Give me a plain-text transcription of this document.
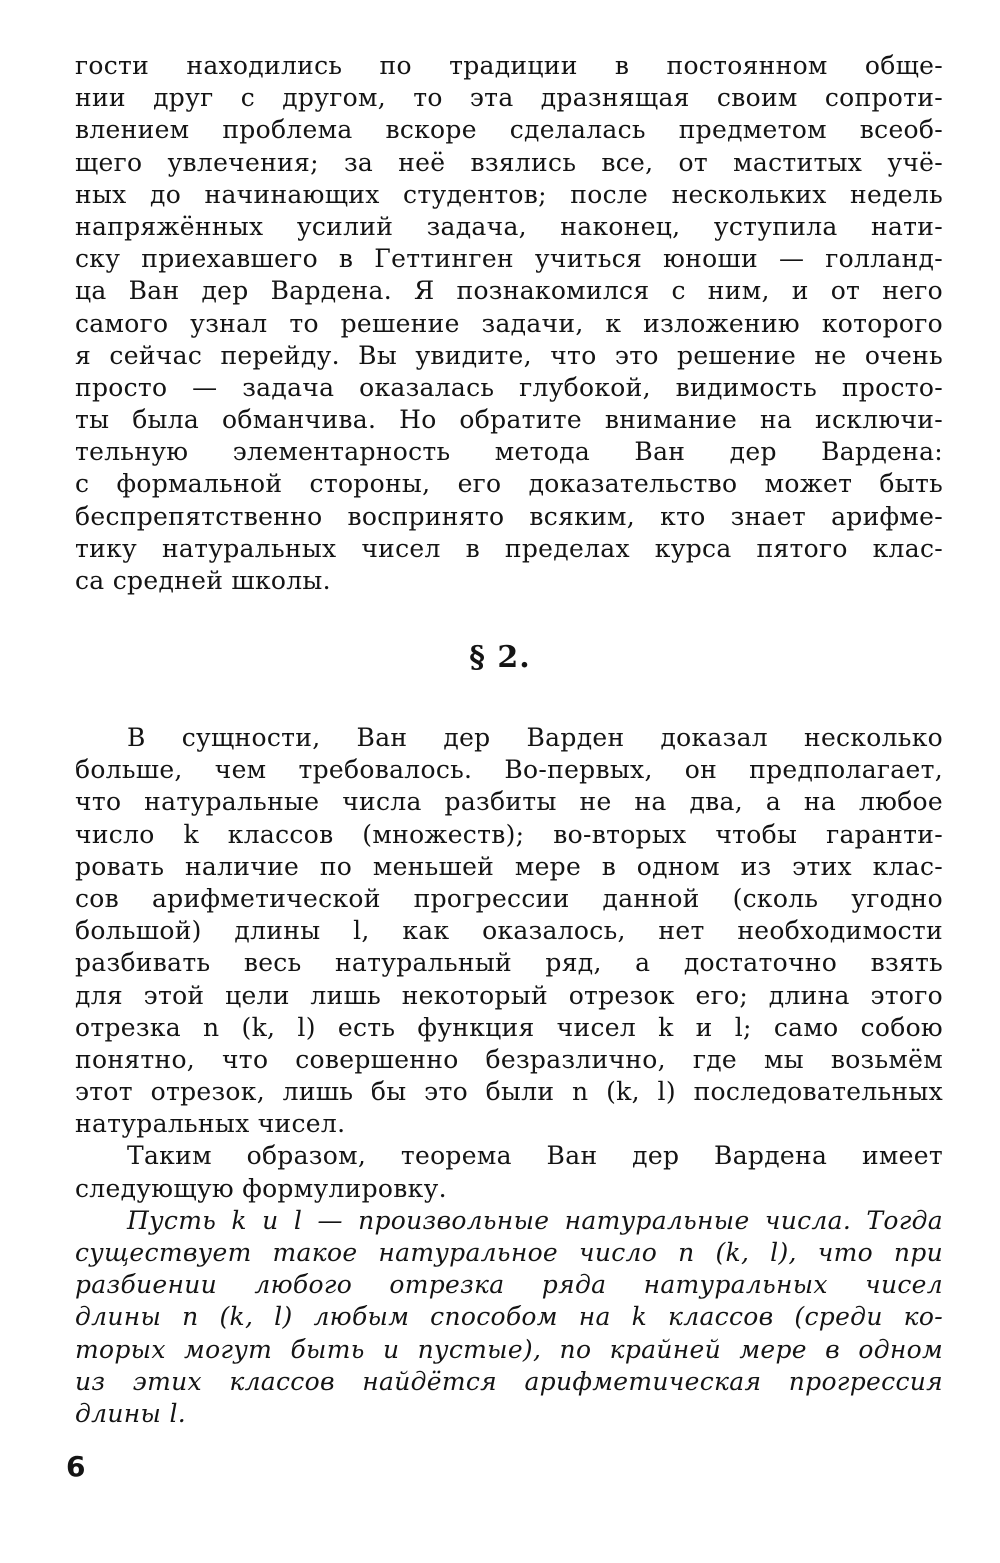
гости находились по традиции в постоянном обще-
нии друг с другом, то эта дразнящая своим сопроти-
влением проблема вскоре сделалась предметом всеоб-
щего увлечения; за неё взялись все, от маститых учё-
ных до начинающих студентов; после нескольких недель
напряжённых усилий задача, наконец, уступила нати-
ску приехавшего в Геттинген учиться юноши — голланд-
ца Ван дер Вардена. Я познакомился с ним, и от него
самого узнал то решение задачи, к изложению которого
я сейчас перейду. Вы увидите, что это решение не очень
просто — задача оказалась глубокой, видимость просто-
ты была обманчива. Но обратите внимание на исключи-
тельную элементарность метода Ван дер Вардена:
с формальной стороны, его доказательство может быть
беспрепятственно воспринято всяким, кто знает арифме-
тику натуральных чисел в пределах курса пятого клас-
са средней школы.
§ 2.
В сущности, Ван дер Варден доказал несколько
больше, чем требовалось. Во-первых, он предполагает,
что натуральные числа разбиты не на два, а на любое
число k классов (множеств); во-вторых чтобы гаранти-
ровать наличие по меньшей мере в одном из этих клас-
сов арифметической прогрессии данной (сколь угодно
большой) длины l, как оказалось, нет необходимости
разбивать весь натуральный ряд, а достаточно взять
для этой цели лишь некоторый отрезок его; длина этого
отрезка n (k, l) есть функция чисел k и l; само собою
понятно, что совершенно безразлично, где мы возьмём
этот отрезок, лишь бы это были n (k, l) последовательных
натуральных чисел.
Таким образом, теорема Ван дер Вардена имеет
следующую формулировку.
Пусть k и l — произвольные натуральные числа. Тогда
существует такое натуральное число n (k, l), что при
разбиении любого отрезка ряда натуральных чисел
длины n (k, l) любым способом на k классов (среди ко-
торых могут быть и пустые), по крайней мере в одном
из этих классов найдётся арифметическая прогрессия
длины l.
6
